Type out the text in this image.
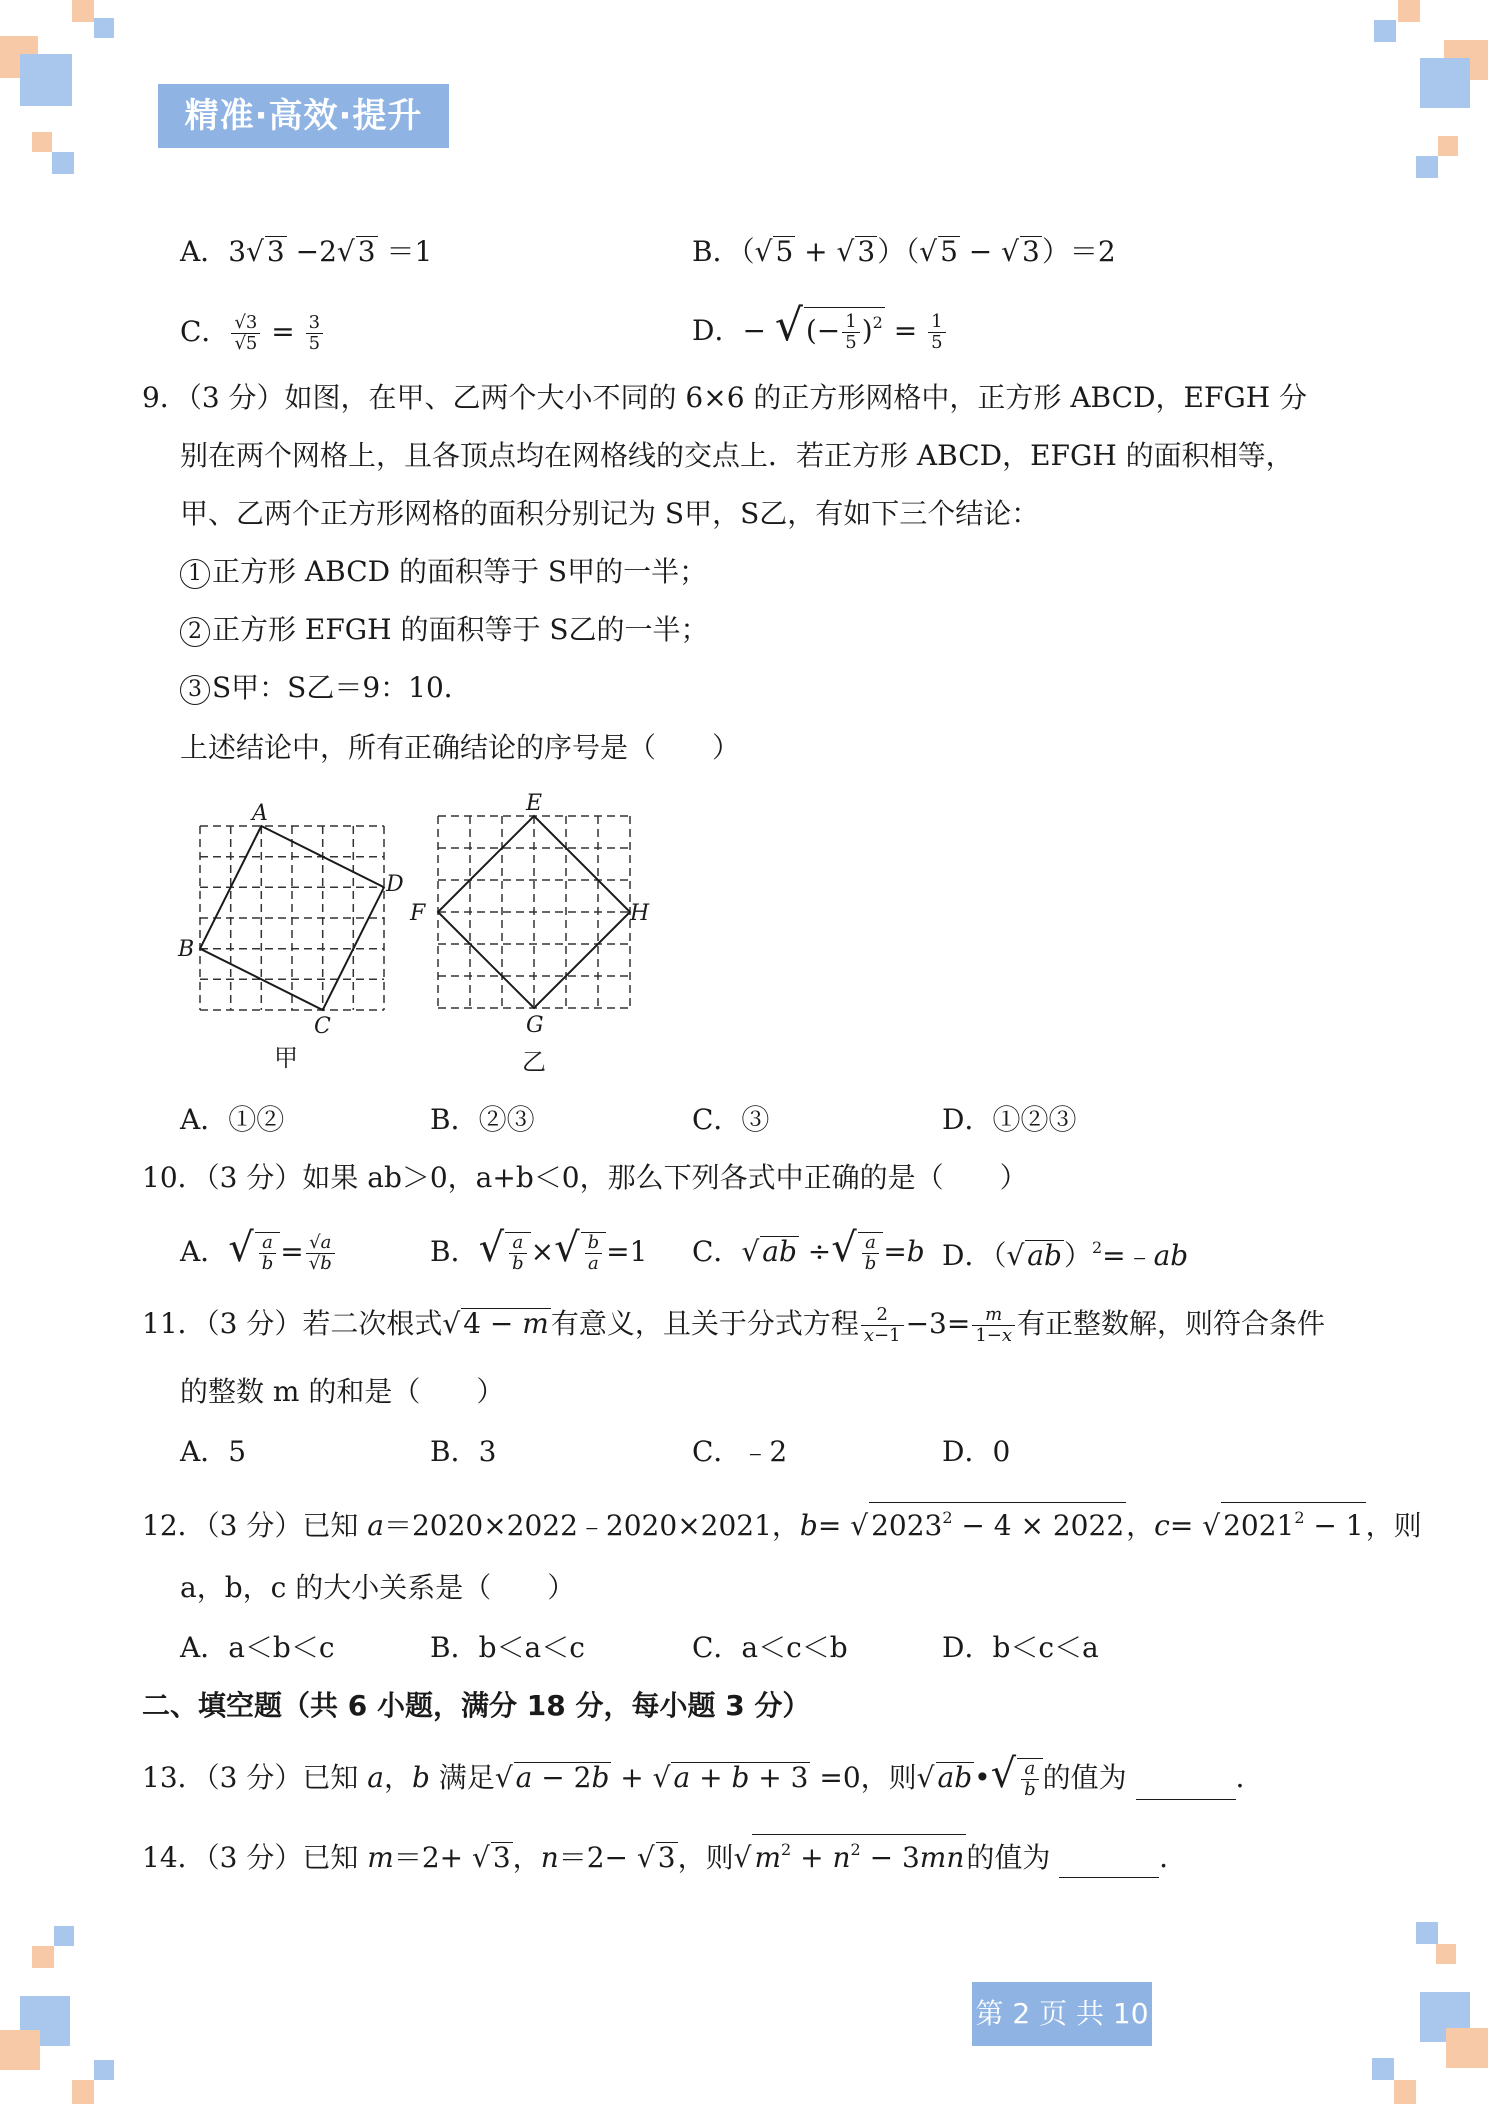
精准·高效·提升
A．3√ 3 −2√ 3 ＝1	B．（√ 5 + √ 3）（√ 5 − √ 3）＝2
C． $\frac{√3}{√5} = \frac{3}{5}$	D．− √ (− $\frac{1}{5} )^2 = \frac{1}{5}$
9．（3 分）如图，在甲、乙两个大小不同的 6×6 的正方形网格中，正方形 ABCD，EFGH 分
别在两个网格上，且各顶点均在网格线的交点上．若正方形 ABCD，EFGH 的面积相等，
甲、乙两个正方形网格的面积分别记为 S甲，S乙，有如下三个结论：
1 正方形 ABCD 的面积等于 S甲的一半；
2 正方形 EFGH 的面积等于 S乙的一半；
3 S甲：S乙＝9：10．
上述结论中，所有正确结论的序号是（　　）
A
B
C
D
甲
E
F
G
H
乙
A．①②	B．②③	C．③	D．①②③
10．（3 分）如果 ab＞0，a+b＜0，那么下列各式中正确的是（　　）
A．√ $\frac{a}{b} = \frac{√a}{√b}$	B．√ $\frac{a}{b}$ ×√ $\frac{b}{a} =1$ C．√ ab ÷√ $\frac{a}{b} =b$ D．（√ ab）$^2$=﹣ab
11．（3 分）若二次根式√ 4 − m有意义，且关于分式方程 $\frac{2}{x-1} -3= \frac{m}{1-x}$ 有正整数解，则符合条件
的整数 m 的和是（　　）
A．5	B．3	C．﹣2	D．0
12．（3 分）已知 a＝2020×2022﹣2020×2021，b= √ $2023^2 - 4 \times 2022$，c= √ $2021^2 - 1$，则
a，b，c 的大小关系是（　　）
A．a＜b＜c	B．b＜a＜c	C．a＜c＜b	D．b＜c＜a
二、填空题（共 6 小题，满分 18 分，每小题 3 分）
13．（3 分）已知 a，b 满足√ a − 2b + √ a + b + 3 =0，则√ ab•√ $\frac{a}{b}$ 的值为	．
14．（3 分）已知 m＝2+ √ 3，n＝2− √ 3，则√ $m^2 + n^2 - 3mn$的值为	．
第 2 页 共 10 页
